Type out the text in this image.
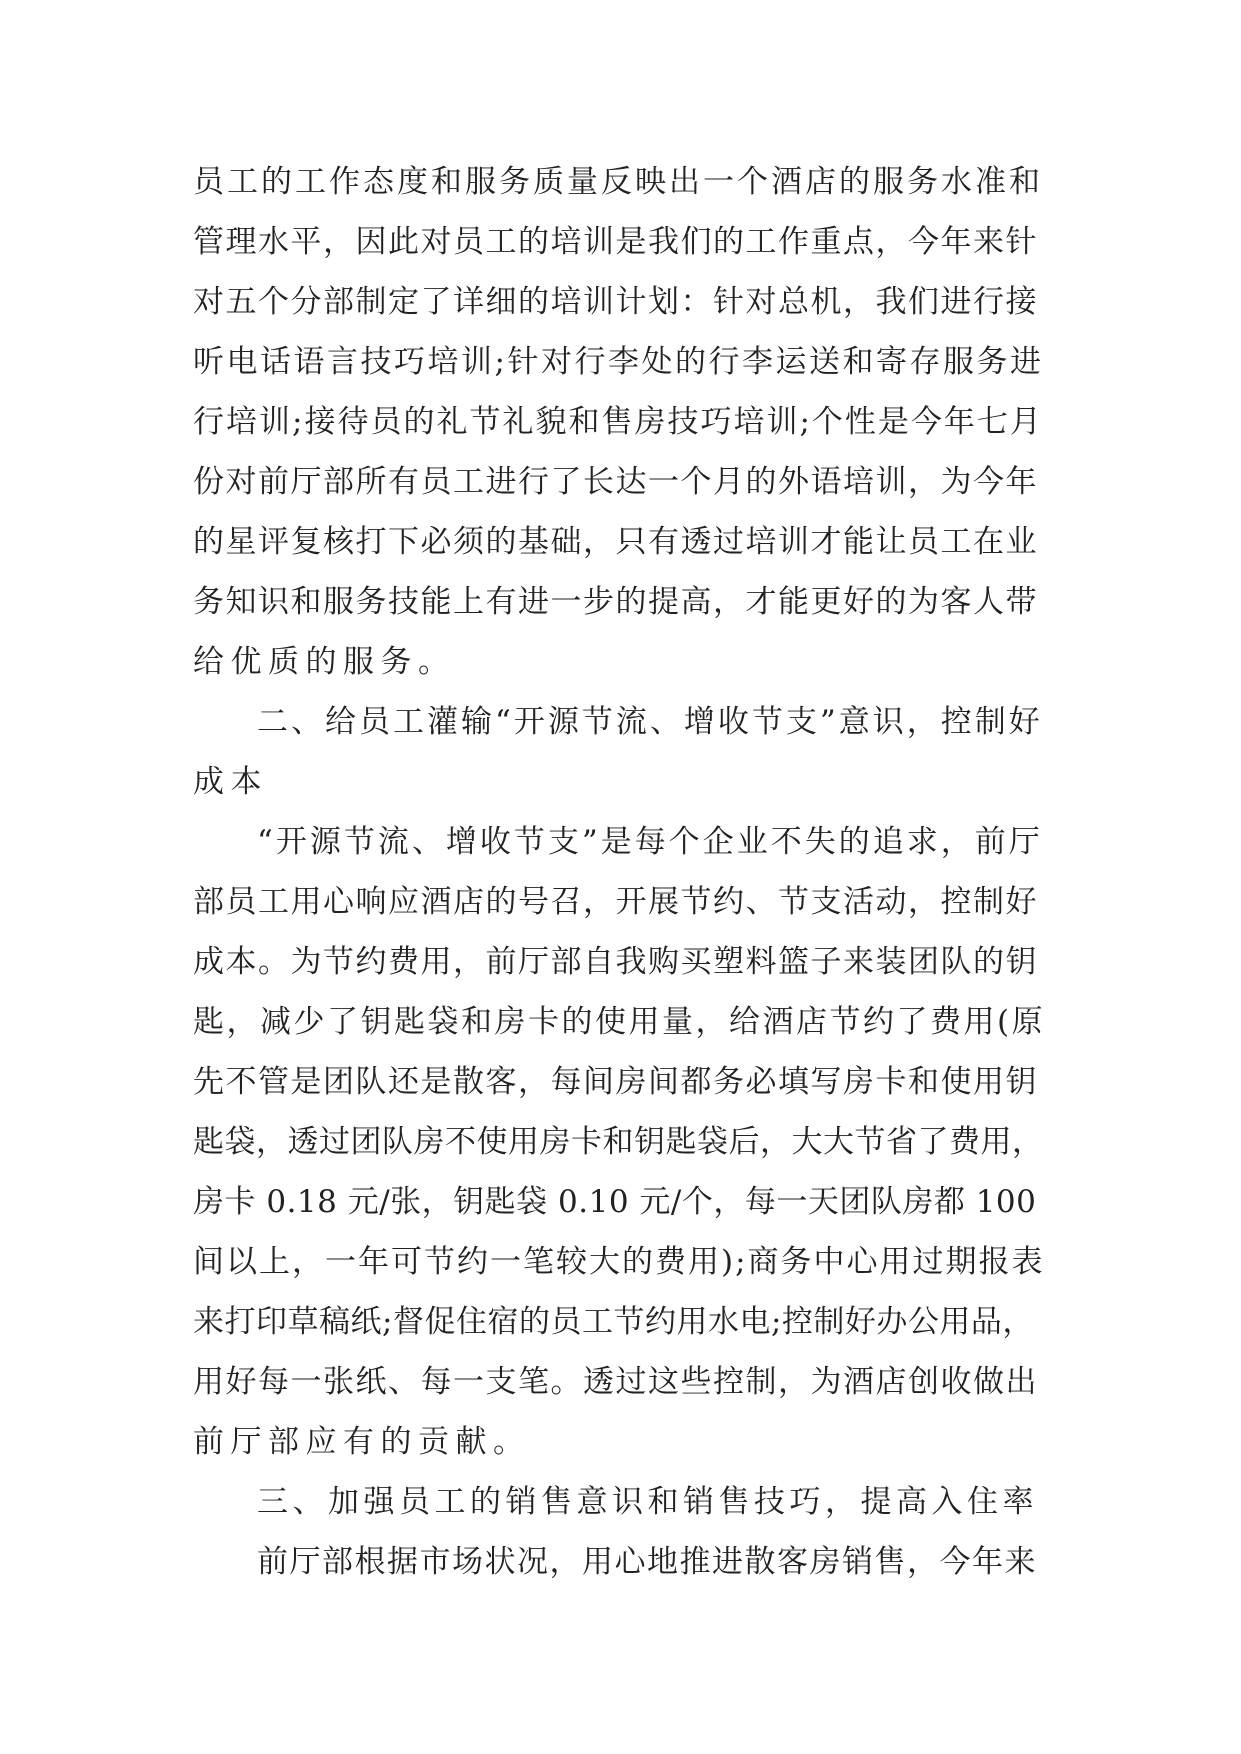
员工的工作态度和服务质量反映出一个酒店的服务水准和
管理水平，因此对员工的培训是我们的工作重点，今年来针
对五个分部制定了详细的培训计划：针对总机，我们进行接
听电话语言技巧培训;针对行李处的行李运送和寄存服务进
行培训;接待员的礼节礼貌和售房技巧培训;个性是今年七月
份对前厅部所有员工进行了长达一个月的外语培训，为今年
的星评复核打下必须的基础，只有透过培训才能让员工在业
务知识和服务技能上有进一步的提高，才能更好的为客人带
给优质的服务。
二、给员工灌输“开源节流、增收节支”意识，控制好
成本
“开源节流、增收节支”是每个企业不失的追求，前厅
部员工用心响应酒店的号召，开展节约、节支活动，控制好
成本。为节约费用，前厅部自我购买塑料篮子来装团队的钥
匙，减少了钥匙袋和房卡的使用量，给酒店节约了费用(原
先不管是团队还是散客，每间房间都务必填写房卡和使用钥
匙袋，透过团队房不使用房卡和钥匙袋后，大大节省了费用，
房卡 0.18 元/张，钥匙袋 0.10 元/个，每一天团队房都 100
间以上，一年可节约一笔较大的费用);商务中心用过期报表
来打印草稿纸;督促住宿的员工节约用水电;控制好办公用品，
用好每一张纸、每一支笔。透过这些控制，为酒店创收做出
前厅部应有的贡献。
三、加强员工的销售意识和销售技巧，提高入住率
前厅部根据市场状况，用心地推进散客房销售，今年来
